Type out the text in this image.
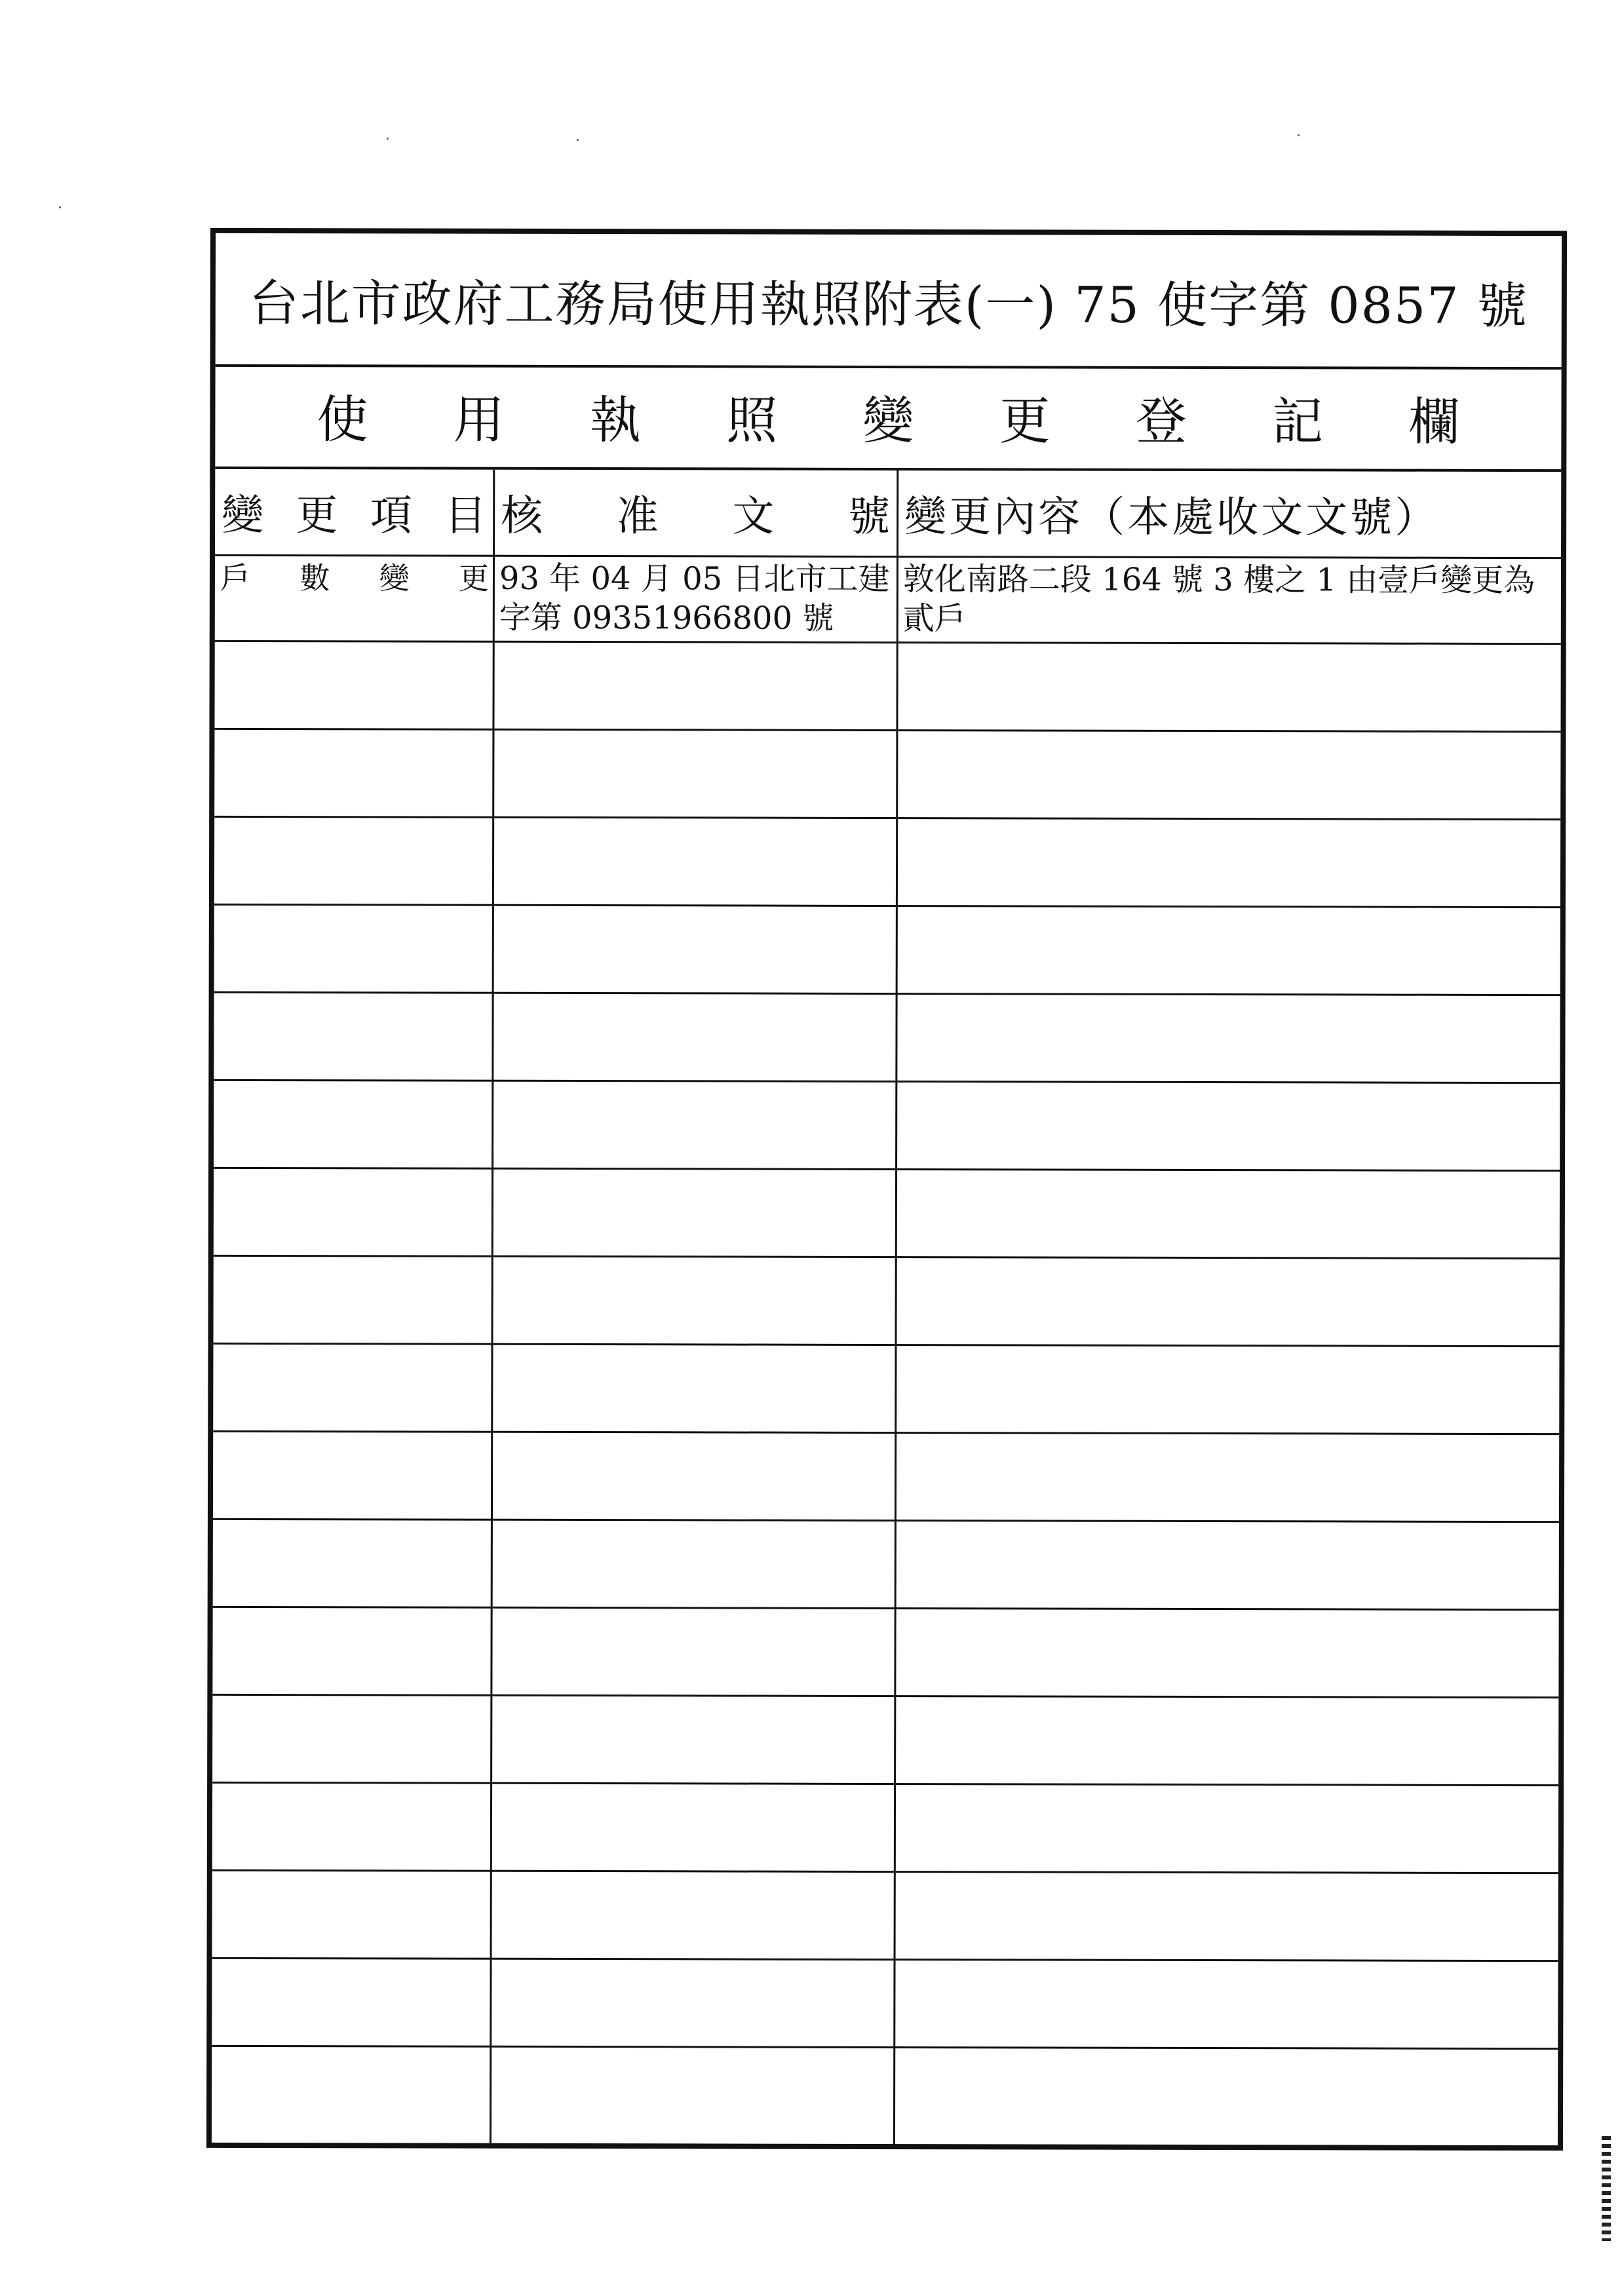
台北市政府工務局使用執照附表(一) 75 使字第 0857 號
使 用 執 照 變 更 登 記 欄
變 更 項 目 核 准 文 號 變更內容（本處收文文號）
戶 數 變 更 93 年 04 月 05 日北市工建字第 09351966800 號
敦化南路二段 164 號 3 樓之 1 由壹戶變更為貳戶
